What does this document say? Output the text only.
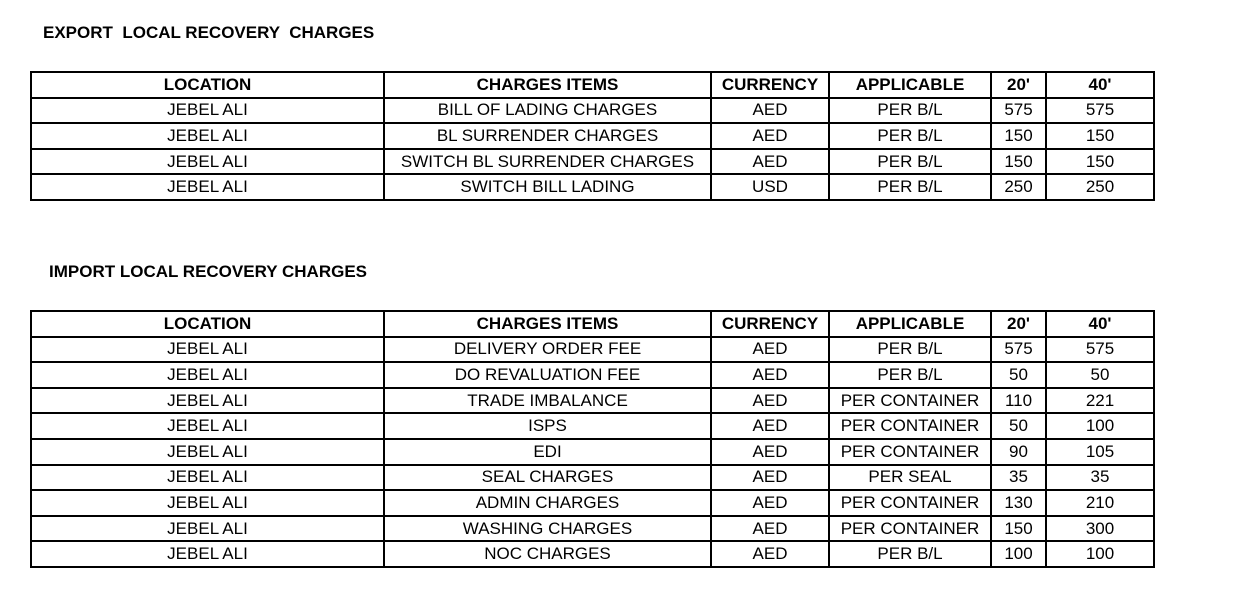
EXPORT  LOCAL RECOVERY  CHARGES
LOCATION	CHARGES ITEMS	CURRENCY	APPLICABLE	20'	40'
JEBEL ALI	BILL OF LADING CHARGES	AED	PER B/L	575	575
JEBEL ALI	BL SURRENDER CHARGES	AED	PER B/L	150	150
JEBEL ALI	SWITCH BL SURRENDER CHARGES	AED	PER B/L	150	150
JEBEL ALI	SWITCH BILL LADING	USD	PER B/L	250	250
IMPORT LOCAL RECOVERY CHARGES
LOCATION	CHARGES ITEMS	CURRENCY	APPLICABLE	20'	40'
JEBEL ALI	DELIVERY ORDER FEE	AED	PER B/L	575	575
JEBEL ALI	DO REVALUATION FEE	AED	PER B/L	50	50
JEBEL ALI	TRADE IMBALANCE	AED	PER CONTAINER	110	221
JEBEL ALI	ISPS	AED	PER CONTAINER	50	100
JEBEL ALI	EDI	AED	PER CONTAINER	90	105
JEBEL ALI	SEAL CHARGES	AED	PER SEAL	35	35
JEBEL ALI	ADMIN CHARGES	AED	PER CONTAINER	130	210
JEBEL ALI	WASHING CHARGES	AED	PER CONTAINER	150	300
JEBEL ALI	NOC CHARGES	AED	PER B/L	100	100
